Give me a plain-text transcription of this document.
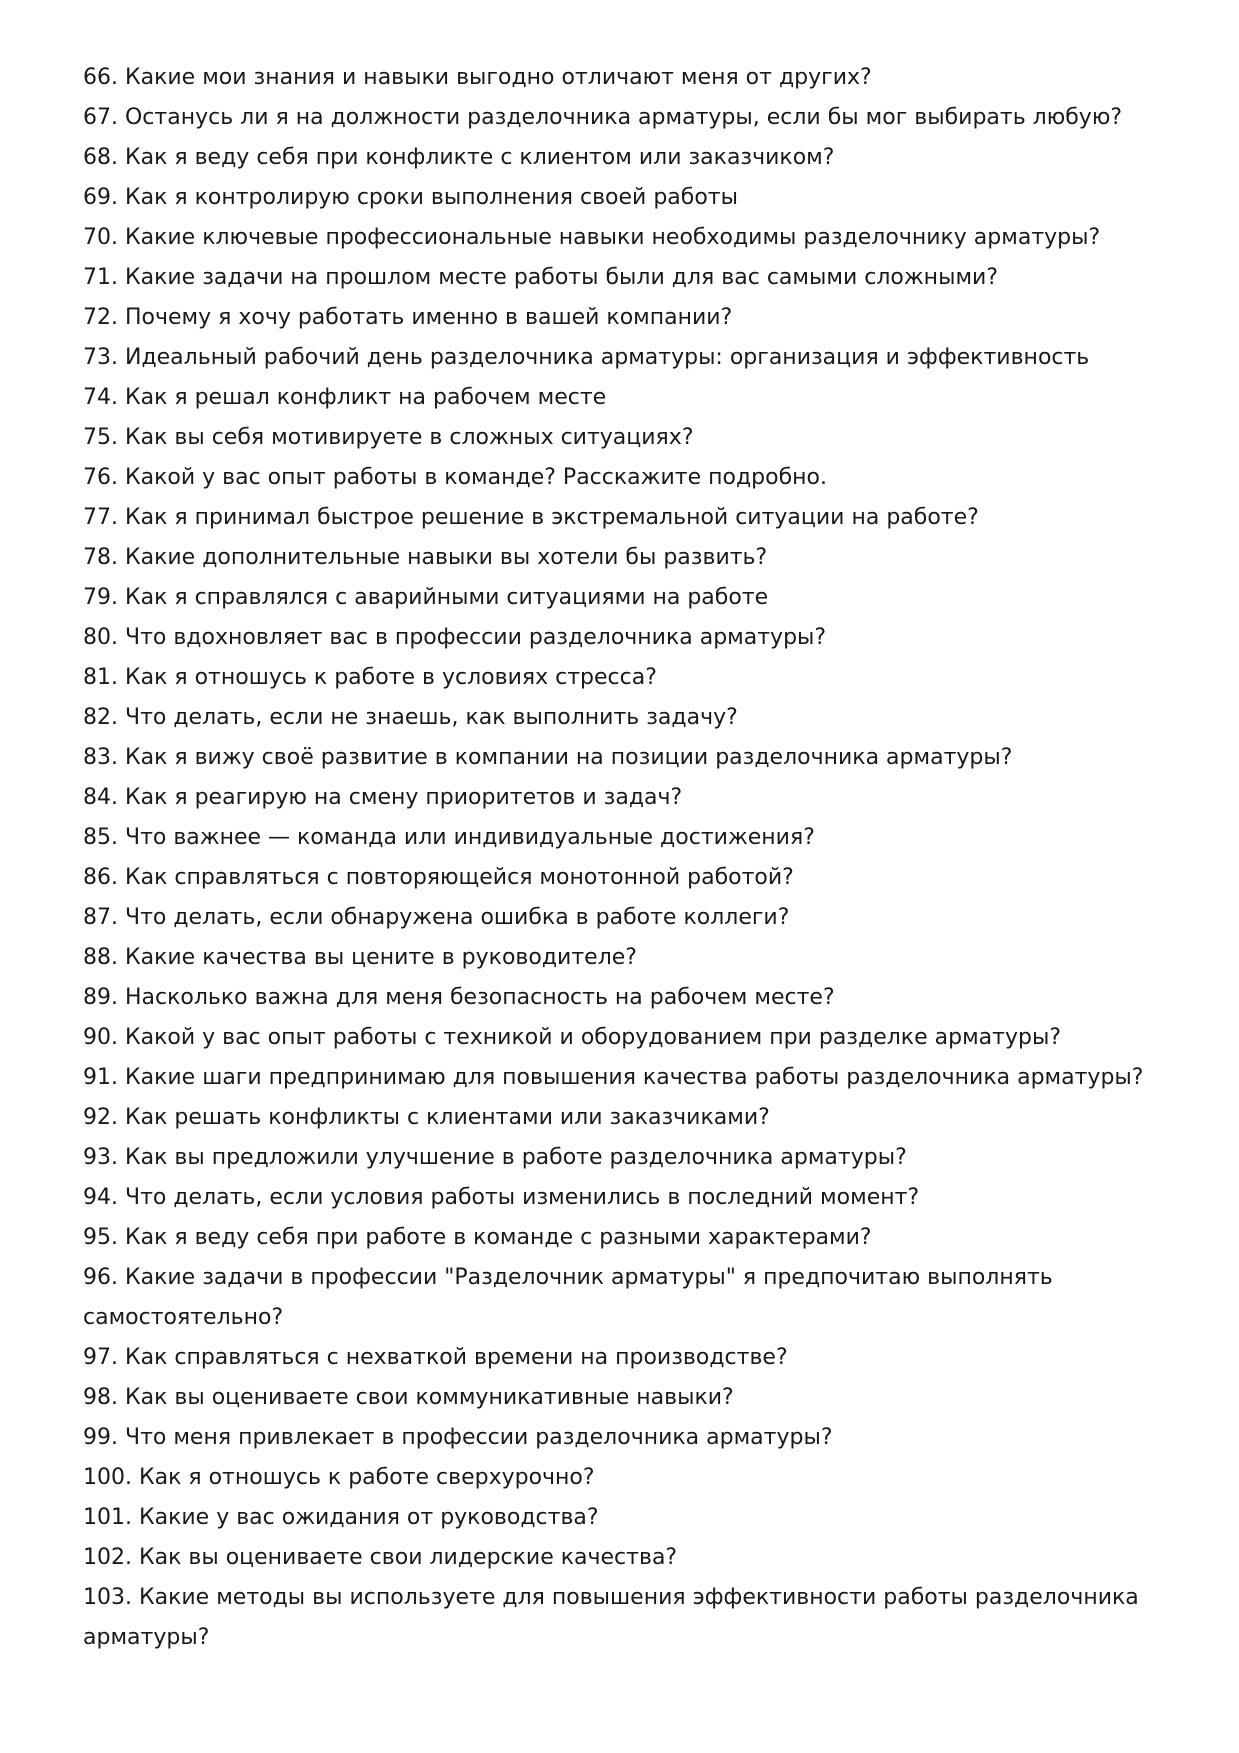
66. Какие мои знания и навыки выгодно отличают меня от других?
67. Останусь ли я на должности разделочника арматуры, если бы мог выбирать любую?
68. Как я веду себя при конфликте с клиентом или заказчиком?
69. Как я контролирую сроки выполнения своей работы
70. Какие ключевые профессиональные навыки необходимы разделочнику арматуры?
71. Какие задачи на прошлом месте работы были для вас самыми сложными?
72. Почему я хочу работать именно в вашей компании?
73. Идеальный рабочий день разделочника арматуры: организация и эффективность
74. Как я решал конфликт на рабочем месте
75. Как вы себя мотивируете в сложных ситуациях?
76. Какой у вас опыт работы в команде? Расскажите подробно.
77. Как я принимал быстрое решение в экстремальной ситуации на работе?
78. Какие дополнительные навыки вы хотели бы развить?
79. Как я справлялся с аварийными ситуациями на работе
80. Что вдохновляет вас в профессии разделочника арматуры?
81. Как я отношусь к работе в условиях стресса?
82. Что делать, если не знаешь, как выполнить задачу?
83. Как я вижу своё развитие в компании на позиции разделочника арматуры?
84. Как я реагирую на смену приоритетов и задач?
85. Что важнее — команда или индивидуальные достижения?
86. Как справляться с повторяющейся монотонной работой?
87. Что делать, если обнаружена ошибка в работе коллеги?
88. Какие качества вы цените в руководителе?
89. Насколько важна для меня безопасность на рабочем месте?
90. Какой у вас опыт работы с техникой и оборудованием при разделке арматуры?
91. Какие шаги предпринимаю для повышения качества работы разделочника арматуры?
92. Как решать конфликты с клиентами или заказчиками?
93. Как вы предложили улучшение в работе разделочника арматуры?
94. Что делать, если условия работы изменились в последний момент?
95. Как я веду себя при работе в команде с разными характерами?
96. Какие задачи в профессии "Разделочник арматуры" я предпочитаю выполнять самостоятельно?
97. Как справляться с нехваткой времени на производстве?
98. Как вы оцениваете свои коммуникативные навыки?
99. Что меня привлекает в профессии разделочника арматуры?
100. Как я отношусь к работе сверхурочно?
101. Какие у вас ожидания от руководства?
102. Как вы оцениваете свои лидерские качества?
103. Какие методы вы используете для повышения эффективности работы разделочника арматуры?
